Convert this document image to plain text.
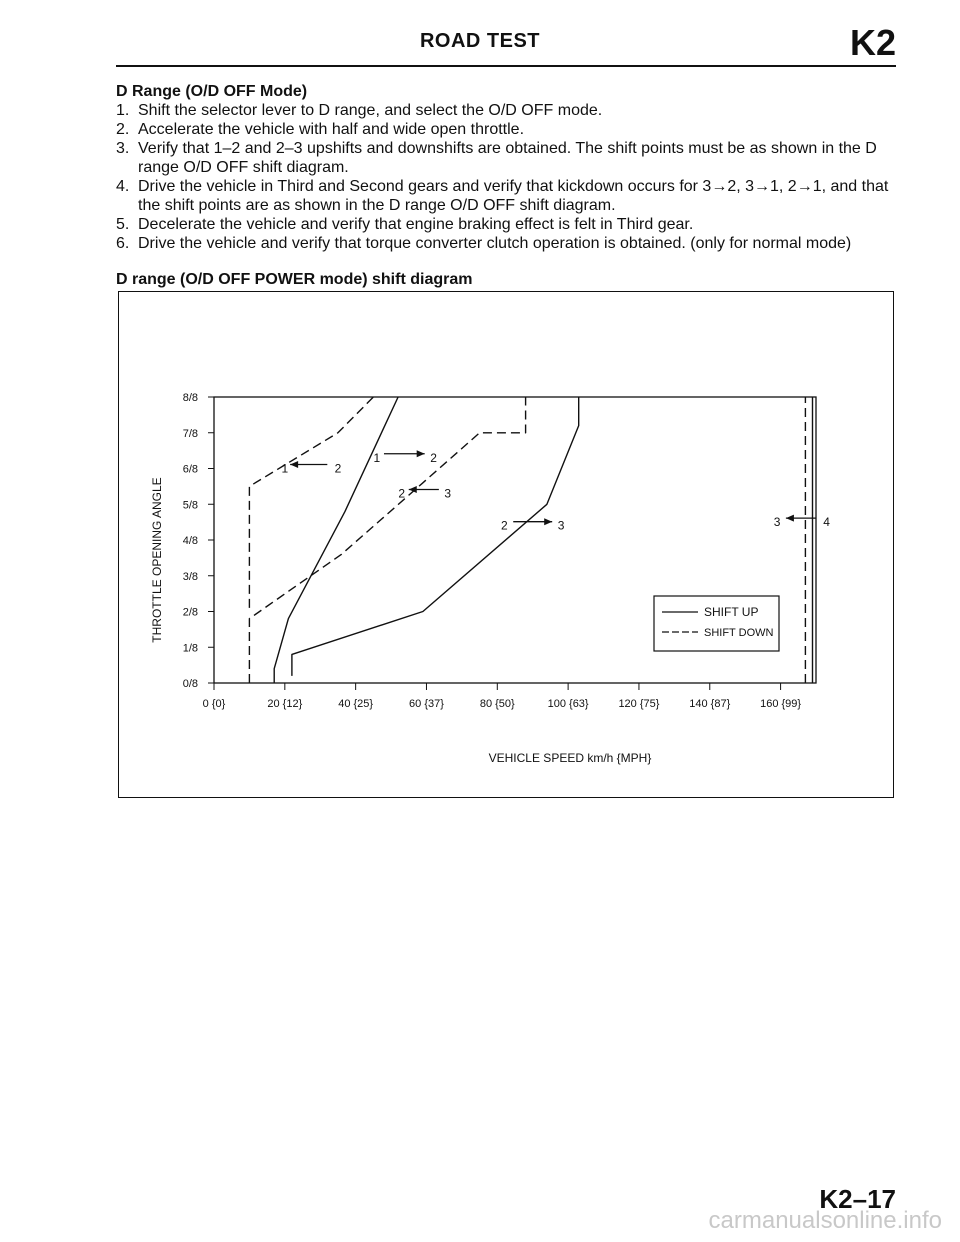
ROAD TEST	K2
D Range (O/D OFF Mode)
1. Shift the selector lever to D range, and select the O/D OFF mode.
2. Accelerate the vehicle with half and wide open throttle.
3. Verify that 1–2 and 2–3 upshifts and downshifts are obtained. The shift points must be as shown in the D range O/D OFF shift diagram.
4. Drive the vehicle in Third and Second gears and verify that kickdown occurs for 3→2, 3→1, 2→1, and that the shift points are as shown in the D range O/D OFF shift diagram.
5. Decelerate the vehicle and verify that engine braking effect is felt in Third gear.
6. Drive the vehicle and verify that torque converter clutch operation is obtained. (only for normal mode)
D range (O/D OFF POWER mode) shift diagram
0/8
1/8
2/8
3/8
4/8
5/8
6/8
7/8
8/8
0 {0}	20 {12}	40 {25}	60 {37}	80 {50}	100 {63}	120 {75}	140 {87}	160 {99}
THROTTLE OPENING ANGLE
VEHICLE SPEED km/h {MPH}
1	2
1	2
2	3
2	3	3	4
SHIFT UP
SHIFT DOWN
K2–17
carmanualsonline.info
